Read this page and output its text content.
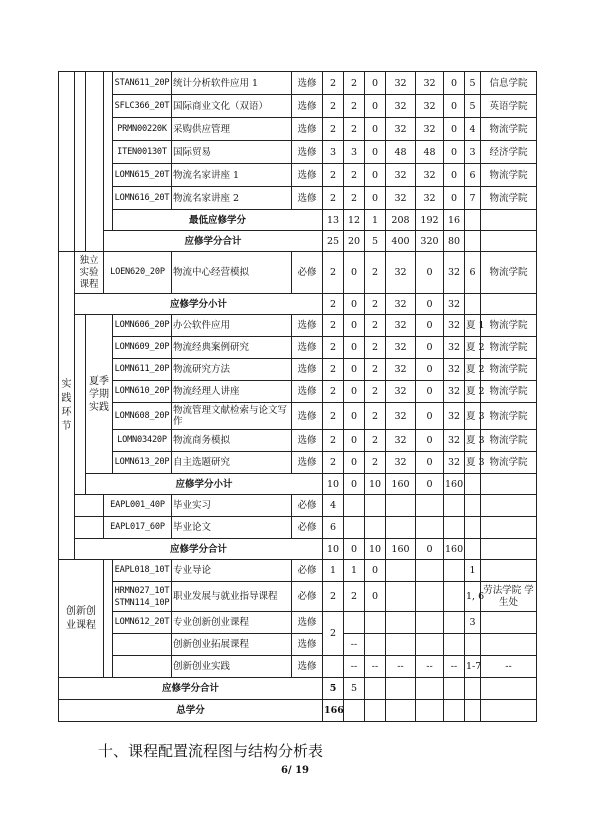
				STAN611_20P	统计分析软件应用 1	选修	2	2	0	32	32	0	5	信息学院
				SFLC366_20T	国际商业文化（双语）	选修	2	2	0	32	32	0	5	英语学院
				PRMN00220K	采购供应管理	选修	2	2	0	32	32	0	4	物流学院
				ITEN00130T	国际贸易	选修	3	3	0	48	48	0	3	经济学院
				LOMN615_20T	物流名家讲座 1	选修	2	2	0	32	32	0	6	物流学院
				LOMN616_20T	物流名家讲座 2	选修	2	2	0	32	32	0	7	物流学院
				最低应修学分			13	12	1	208	192	16		
			应修学分合计				25	20	5	400	320	80		
实践环节	独立实验课程		LOEN620_20P		物流中心经营模拟	必修	2	0	2	32	0	32	6	物流学院
	应修学分小计						2	0	2	32	0	32		
		夏季学期实践		LOMN606_20P	办公软件应用	选修	2	0	2	32	0	32	夏 1	物流学院
				LOMN609_20P	物流经典案例研究	选修	2	0	2	32	0	32	夏 2	物流学院
				LOMN611_20P	物流研究方法	选修	2	0	2	32	0	32	夏 2	物流学院
				LOMN610_20P	物流经理人讲座	选修	2	0	2	32	0	32	夏 2	物流学院
				LOMN608_20P	物流管理文献检索与论文写作	选修	2	0	2	32	0	32	夏 3	物流学院
				LOMN03420P	物流商务模拟	选修	2	0	2	32	0	32	夏 3	物流学院
				LOMN613_20P	自主选题研究	选修	2	0	2	32	0	32	夏 3	物流学院
		应修学分小计					10	0	10	160	0	160		
			EAPL001_40P		毕业实习	必修	4							
			EAPL017_60P		毕业论文	必修	6							
	应修学分合计						10	0	10	160	0	160		
创新创业课程				EAPL018_10T	专业导论	必修	1	1	0				1	
				HRMN027_10T STMN114_10P	职业发展与就业指导课程	必修	2	2	0				1, 6	劳法学院 学生处
				LOMN612_20T	专业创新创业课程	选修	2						3	
					创新创业拓展课程	选修		--						
					创新创业实践	选修		--	--	--	--	--	1-7	--
应修学分合计							5	5						
总学分							166							
十、课程配置流程图与结构分析表
6/ 19
